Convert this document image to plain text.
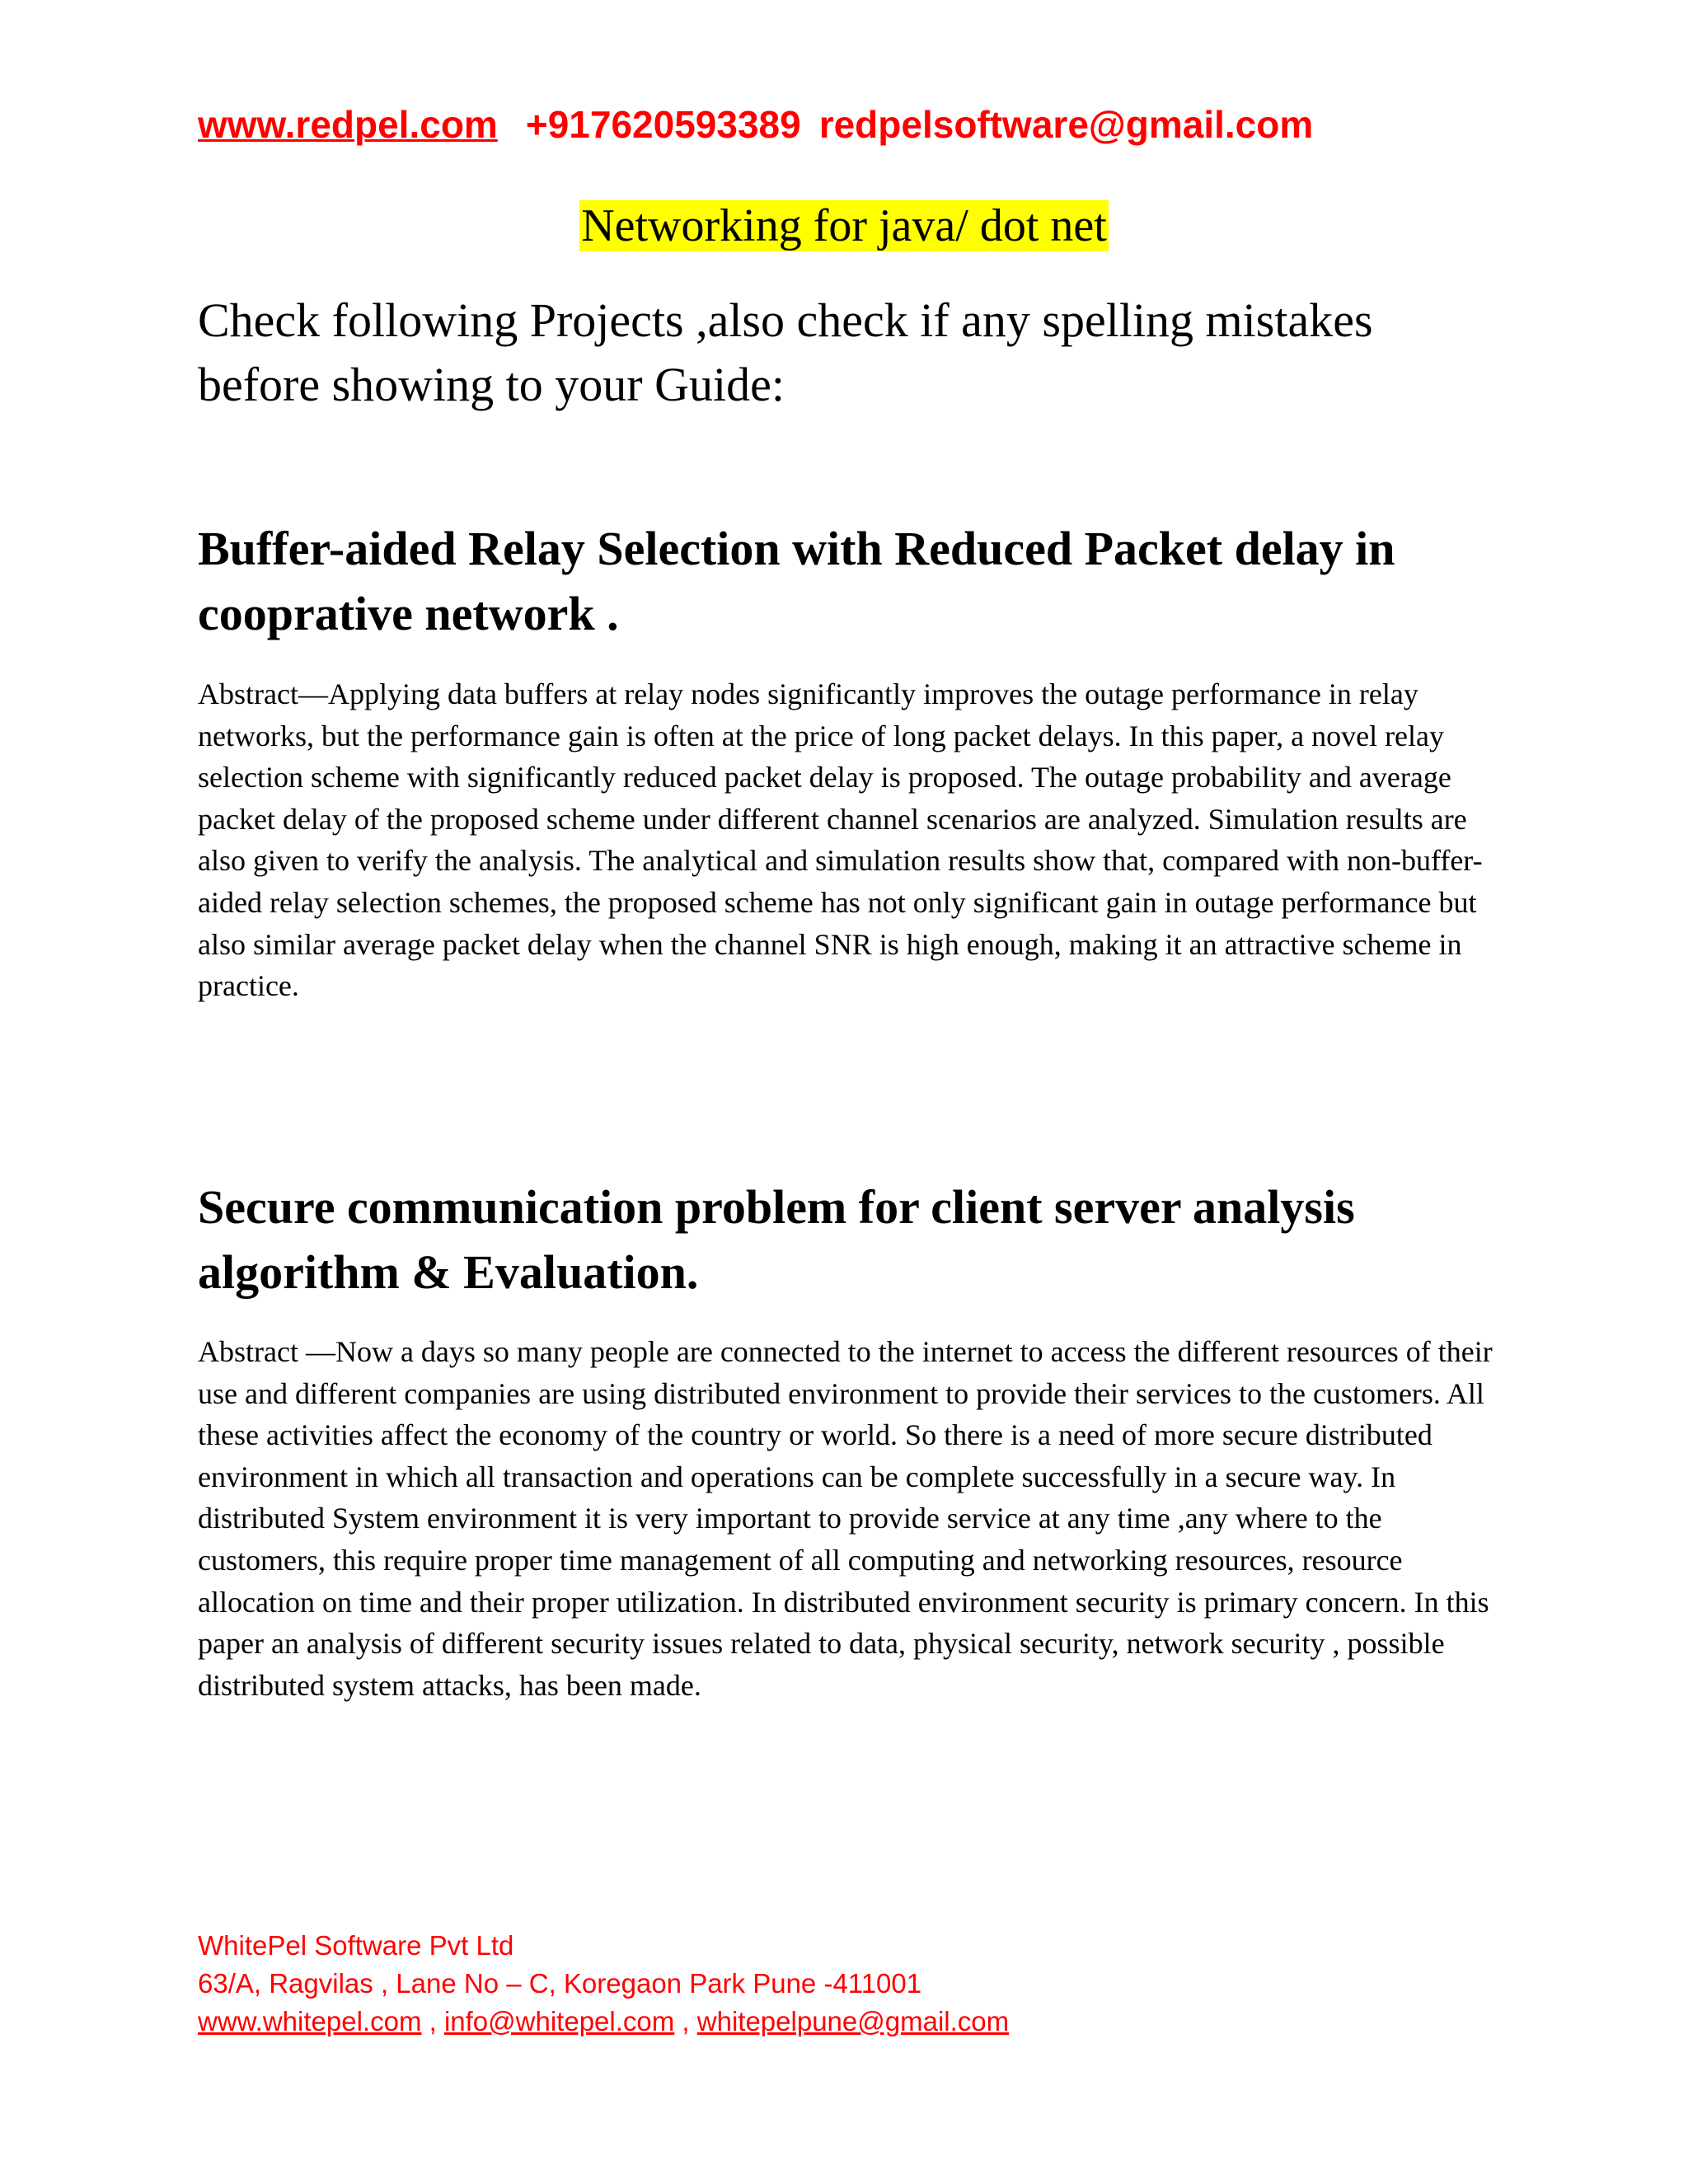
www.redpel.com +917620593389 redpelsoftware@gmail.com
Networking for java/ dot net
Check following Projects ,also check if any spelling mistakes before showing to your Guide:
Buffer-aided Relay Selection with Reduced Packet delay in cooprаtive network .
Abstract—Applying data buffers at relay nodes significantly improves the outage performance in relay networks, but the performance gain is often at the price of long packet delays. In this paper, a novel relay selection scheme with significantly reduced packet delay is proposed. The outage probability and average packet delay of the proposed scheme under different channel scenarios are analyzed. Simulation results are also given to verify the analysis. The analytical and simulation results show that, compared with non-buffer-aided relay selection schemes, the proposed scheme has not only significant gain in outage performance but also similar average packet delay when the channel SNR is high enough, making it an attractive scheme in practice.
Secure communication problem for client server analysis algorithm & Evaluation.
Abstract —Now a days so many people are connected to the internet to access the different resources of their use and different companies are using distributed environment to provide their services to the customers. All these activities affect the economy of the country or world. So there is a need of more secure distributed environment in which all transaction and operations can be complete successfully in a secure way. In distributed System environment it is very important to provide service at any time ,any where to the customers, this require proper time management of all computing and networking resources, resource allocation on time and their proper utilization. In distributed environment security is primary concern. In this paper an analysis of different security issues related to data, physical security, network security , possible distributed system attacks, has been made.
WhitePel Software Pvt Ltd
63/A, Ragvilas , Lane No – C, Koregaon Park Pune -411001
www.whitepel.com , info@whitepel.com , whitepelpune@gmail.com
